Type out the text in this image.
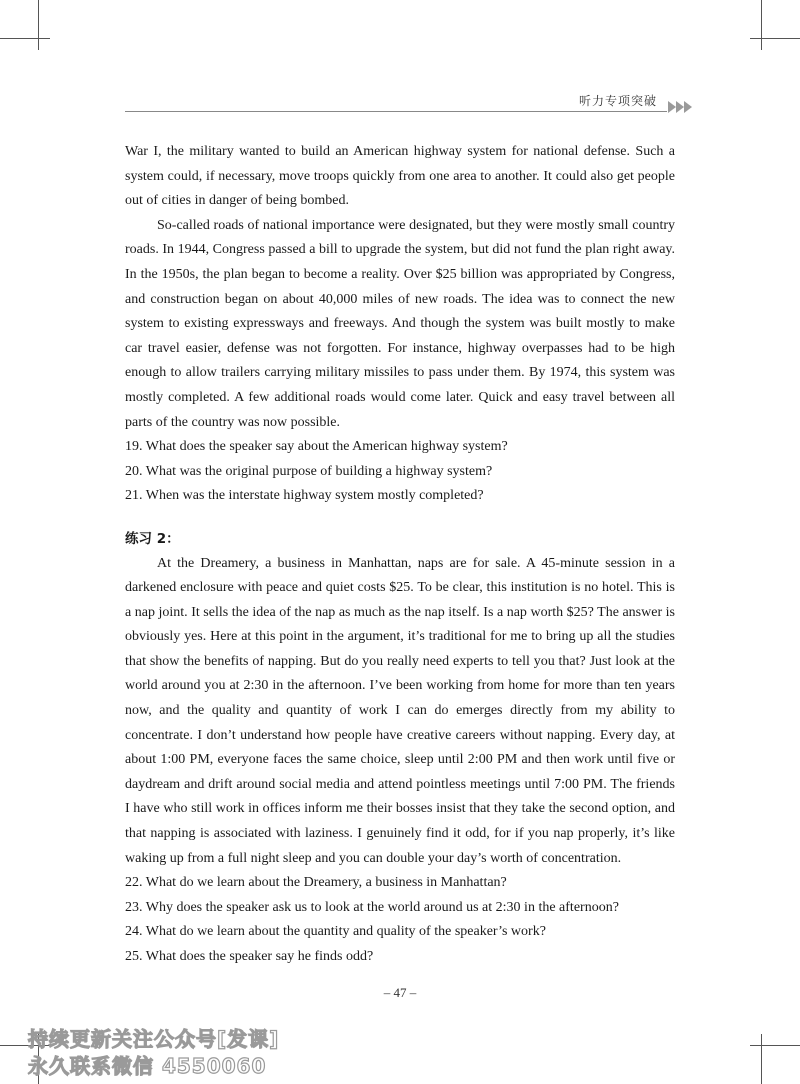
听力专项突破

War I, the military wanted to build an American highway system for national defense. Such a system could, if necessary, move troops quickly from one area to another. It could also get people out of cities in danger of being bombed.

So-called roads of national importance were designated, but they were mostly small country roads. In 1944, Congress passed a bill to upgrade the system, but did not fund the plan right away. In the 1950s, the plan began to become a reality. Over $25 billion was appropriated by Congress, and construction began on about 40,000 miles of new roads. The idea was to connect the new system to existing expressways and freeways. And though the system was built mostly to make car travel easier, defense was not forgotten. For instance, highway overpasses had to be high enough to allow trailers carrying military missiles to pass under them. By 1974, this system was mostly completed. A few additional roads would come later. Quick and easy travel between all parts of the country was now possible.

19. What does the speaker say about the American highway system?

20. What was the original purpose of building a highway system?

21. When was the interstate highway system mostly completed?

练习 2：

At the Dreamery, a business in Manhattan, naps are for sale. A 45-minute session in a darkened enclosure with peace and quiet costs $25. To be clear, this institution is no hotel. This is a nap joint. It sells the idea of the nap as much as the nap itself. Is a nap worth $25? The answer is obviously yes. Here at this point in the argument, it’s traditional for me to bring up all the studies that show the benefits of napping. But do you really need experts to tell you that? Just look at the world around you at 2:30 in the afternoon. I’ve been working from home for more than ten years now, and the quality and quantity of work I can do emerges directly from my ability to concentrate. I don’t understand how people have creative careers without napping. Every day, at about 1:00 PM, everyone faces the same choice, sleep until 2:00 PM and then work until five or daydream and drift around social media and attend pointless meetings until 7:00 PM. The friends I have who still work in offices inform me their bosses insist that they take the second option, and that napping is associated with laziness. I genuinely find it odd, for if you nap properly, it’s like waking up from a full night sleep and you can double your day’s worth of concentration.

22. What do we learn about the Dreamery, a business in Manhattan?

23. Why does the speaker ask us to look at the world around us at 2:30 in the afternoon?

24. What do we learn about the quantity and quality of the speaker’s work?

25. What does the speaker say he finds odd?

– 47 –
持续更新关注公众号[发课]
永久联系微信 4550060
